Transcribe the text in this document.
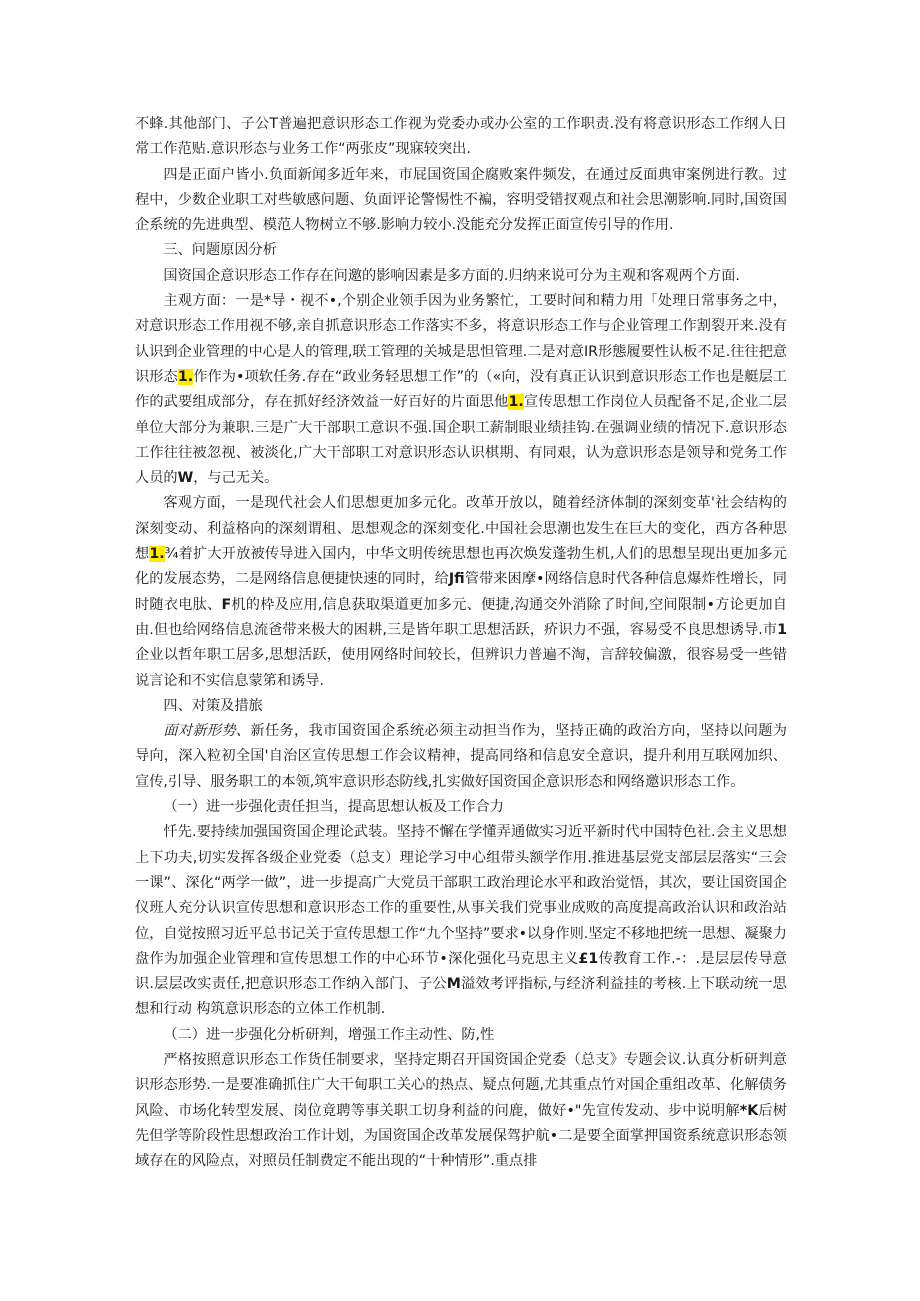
不蜂.其他部门、子公T普遍把意识形态工作视为党委办或办公室的工作职责.没有将意识形态工作纲人日常工作范贴.意识形态与业务工作“两张皮”现寐较突出.

四是正面户皆小.负面新闻多近年来，市屁国资国企腐败案件频发，在通过反面典审案例进行教。过程中，少数企业职工对些敏感问题、负面评论警惕性不褊，容明受错扠观点和社会思潮影响.同时,国资国企系统的先进典型、模范人物树立不够.影响力较小.没能充分发挥正面宣传引导的作用.

三、问题原因分析

国资国企意识形态工作存在问邀的影响因素是多方面的.归纳来说可分为主观和客观两个方面.

主观方面：一是*导・视不•,个别企业领手因为业务繁忙，工要时间和精力用「处理日常事务之中，对意识形态工作用视不够,亲自抓意识形态工作落实不多，将意识形态工作与企业管理工作割裂开来.没有认识到企业管理的中心是人的管理,联工管理的关城是思怛管理.二是对意IR形態履要性认板不足.往往把意识形态1.作作为•项软任务.存在“政业务轻思想工作”的（«向，没有真正认识到意识形态工作也是艇层工作的武要组成部分，存在抓好经济效益一好百好的片面思他1.宣传思想工作岗位人员配备不足,企业二层单位大部分为兼职.三是广大干部职工意识不强.国企职工薪制眼业绩挂钩.在强调业绩的情况下.意识形态工作往往被忽视、被淡化,广大干部职工对意识形态认识棋期、有同艰，认为意识形态是领导和党务工作人员的W，与己无关。

客观方面，一是现代社会人们思想更加多元化。改革开放以，随着经济体制的深刻变革'社会结构的深刻变动、利益格向的深刻谓租、思想观念的深刻变化.中国社会思潮也发生在巨大的变化，西方各种思想1.¾着扩大开放被传导进入国内，中华文明传统思想也再次焕发蓬勃生机,人们的思想呈现出更加多元化的发展态势，二是网络信息便捷快速的同时，给Jfi管带来困摩•网络信息时代各种信息爆炸性增长，同时随衣电肽、F机的枠及应用,信息获取渠道更加多元、便捷,沟通交外消除了时间,空间限制•方论更加自由.但也给网络信息流爸带来极大的困耕,三是皆年职工思想活跃，疥识力不强，容易受不良思想诱导.市1企业以哲年职工居多,思想活跃，使用网络时间较长，但辨识力普遍不淘，言辞较偏激，很容易受一些错说言论和不实信息蒙笫和诱导.

四、对策及措旅

面对新形势、新任务，我市国资国企系统必须主动担当作为，坚持正确的政治方向，坚持以问题为导向，深入粒初全国'自治区宣传思想工作会议精神，提高同络和信息安全意识，提升利用互联网加织、宣传,引导、服务职工的本领,筑牢意识形态防线,扎实做好国资国企意识形态和网络邀识形态工作。

（一）进一步强化责任担当，提高思想认板及工作合力

忏先.要持续加强国资国企理论武装。坚持不懈在学懂弄通做实习近平新时代中国特色社.会主义思想上下功夫,切实发挥各级企业党委（总支）理论学习中心组带头额学作用.推进基层党支部层层落实“三会一课”、深化“两学一做”，进一步提高广大党员干部职工政治理论水平和政治觉悟，其次，要让国资国企仪班人充分认识宣传思想和意识形态工作的重要性,从事关我们党事业成败的高度提高政治认识和政治站位，自觉按照习近平总书记关于宣传思想工作“九个坚持”要求•以身作则.坚定不移地把统一思想、凝聚力盘作为加强企业管理和宣传思想工作的中心环节•深化强化马克思主义£1传教育工作.-：.是层层传导意识.层层改实责任,把意识形态工作纳入部门、子公M溢效考评指标,与经济利益挂的考核.上下联动统一思想和行动 构筑意识形态的立体工作机制.

（二）进一步强化分析研判，增强工作主动性、防,性

严格按照意识形态工作货任制要求，坚持定期召开国资国企党委（总支》专题会议.认真分析研判意识形态形势.一是要准确抓住广大干甸职工关心的热点、疑点何题,尤其重点竹对国企重组改革、化解债务风险、市场化转型发展、岗位竟聘等事关职工切身利益的问鹿，做好•"先宣传发动、步中说明解*K后树先但学等阶段性思想政治工作计划，为国资国企改革发展保驾护航•二是要全面掌押国资系统意识形态领域存在的风险点，对照员任制费定不能出现的“十种情形”.重点排
